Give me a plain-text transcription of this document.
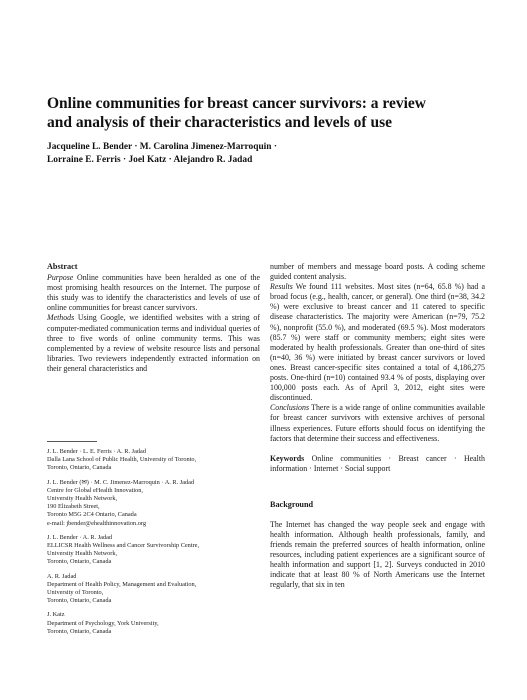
Online communities for breast cancer survivors: a review
and analysis of their characteristics and levels of use
Jacqueline L. Bender · M. Carolina Jimenez-Marroquin ·
Lorraine E. Ferris · Joel Katz · Alejandro R. Jadad
Abstract

Purpose Online communities have been heralded as one of the most promising health resources on the Internet. The purpose of this study was to identify the characteristics and levels of use of online communities for breast cancer survivors.

Methods Using Google, we identified websites with a string of computer-mediated communication terms and individual queries of three to five words of online community terms. This was complemented by a review of website resource lists and personal libraries. Two reviewers independently extracted information on their general characteristics and

J. L. Bender · L. E. Ferris · A. R. Jadad
Dalla Lana School of Public Health, University of Toronto,
Toronto, Ontario, Canada
J. L. Bender (✉) · M. C. Jimenez-Marroquin · A. R. Jadad
Centre for Global eHealth Innovation,
University Health Network,
190 Elizabeth Street,
Toronto M5G 2C4 Ontario, Canada
e-mail: jbender@ehealthinnovation.org
J. L. Bender · A. R. Jadad
ELLICSR Health Wellness and Cancer Survivorship Centre,
University Health Network,
Toronto, Ontario, Canada
A. R. Jadad
Department of Health Policy, Management and Evaluation,
University of Toronto,
Toronto, Ontario, Canada
J. Katz
Department of Psychology, York University,
Toronto, Ontario, Canada

number of members and message board posts. A coding scheme guided content analysis.

Results We found 111 websites. Most sites (n=64, 65.8 %) had a broad focus (e.g., health, cancer, or general). One third (n=38, 34.2 %) were exclusive to breast cancer and 11 catered to specific disease characteristics. The majority were American (n=79, 75.2 %), nonprofit (55.0 %), and moderated (69.5 %). Most moderators (85.7 %) were staff or community members; eight sites were moderated by health professionals. Greater than one-third of sites (n=40, 36 %) were initiated by breast cancer survivors or loved ones. Breast cancer-specific sites contained a total of 4,186,275 posts. One-third (n=10) contained 93.4 % of posts, displaying over 100,000 posts each. As of April 3, 2012, eight sites were discontinued.

Conclusions There is a wide range of online communities available for breast cancer survivors with extensive archives of personal illness experiences. Future efforts should focus on identifying the factors that determine their success and effectiveness.

Keywords Online communities · Breast cancer · Health information · Internet · Social support

Background

The Internet has changed the way people seek and engage with health information. Although health professionals, family, and friends remain the preferred sources of health information, online resources, including patient experiences are a significant source of health information and support [1, 2]. Surveys conducted in 2010 indicate that at least 80 % of North Americans use the Internet regularly, that six in ten
